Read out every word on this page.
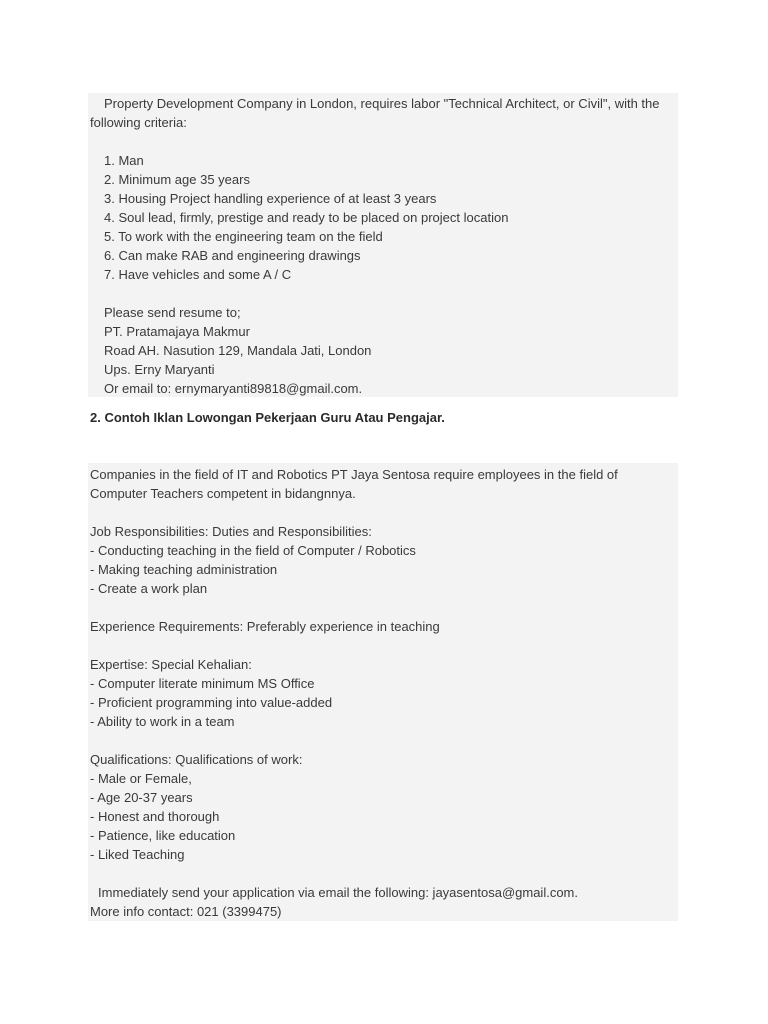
Property Development Company in London, requires labor "Technical Architect, or Civil", with the
following criteria:
1. Man
2. Minimum age 35 years
3. Housing Project handling experience of at least 3 years
4. Soul lead, firmly, prestige and ready to be placed on project location
5. To work with the engineering team on the field
6. Can make RAB and engineering drawings
7. Have vehicles and some A / C
Please send resume to;
PT. Pratamajaya Makmur
Road AH. Nasution 129, Mandala Jati, London
Ups. Erny Maryanti
Or email to: ernymaryanti89818@gmail.com.
2. Contoh Iklan Lowongan Pekerjaan Guru Atau Pengajar.
Companies in the field of IT and Robotics PT Jaya Sentosa require employees in the field of
Computer Teachers competent in bidangnnya.
Job Responsibilities: Duties and Responsibilities:
- Conducting teaching in the field of Computer / Robotics
- Making teaching administration
- Create a work plan
Experience Requirements: Preferably experience in teaching
Expertise: Special Kehalian:
- Computer literate minimum MS Office
- Proficient programming into value-added
- Ability to work in a team
Qualifications: Qualifications of work:
- Male or Female,
- Age 20-37 years
- Honest and thorough
- Patience, like education
- Liked Teaching
Immediately send your application via email the following: jayasentosa@gmail.com.
More info contact: 021 (3399475)
